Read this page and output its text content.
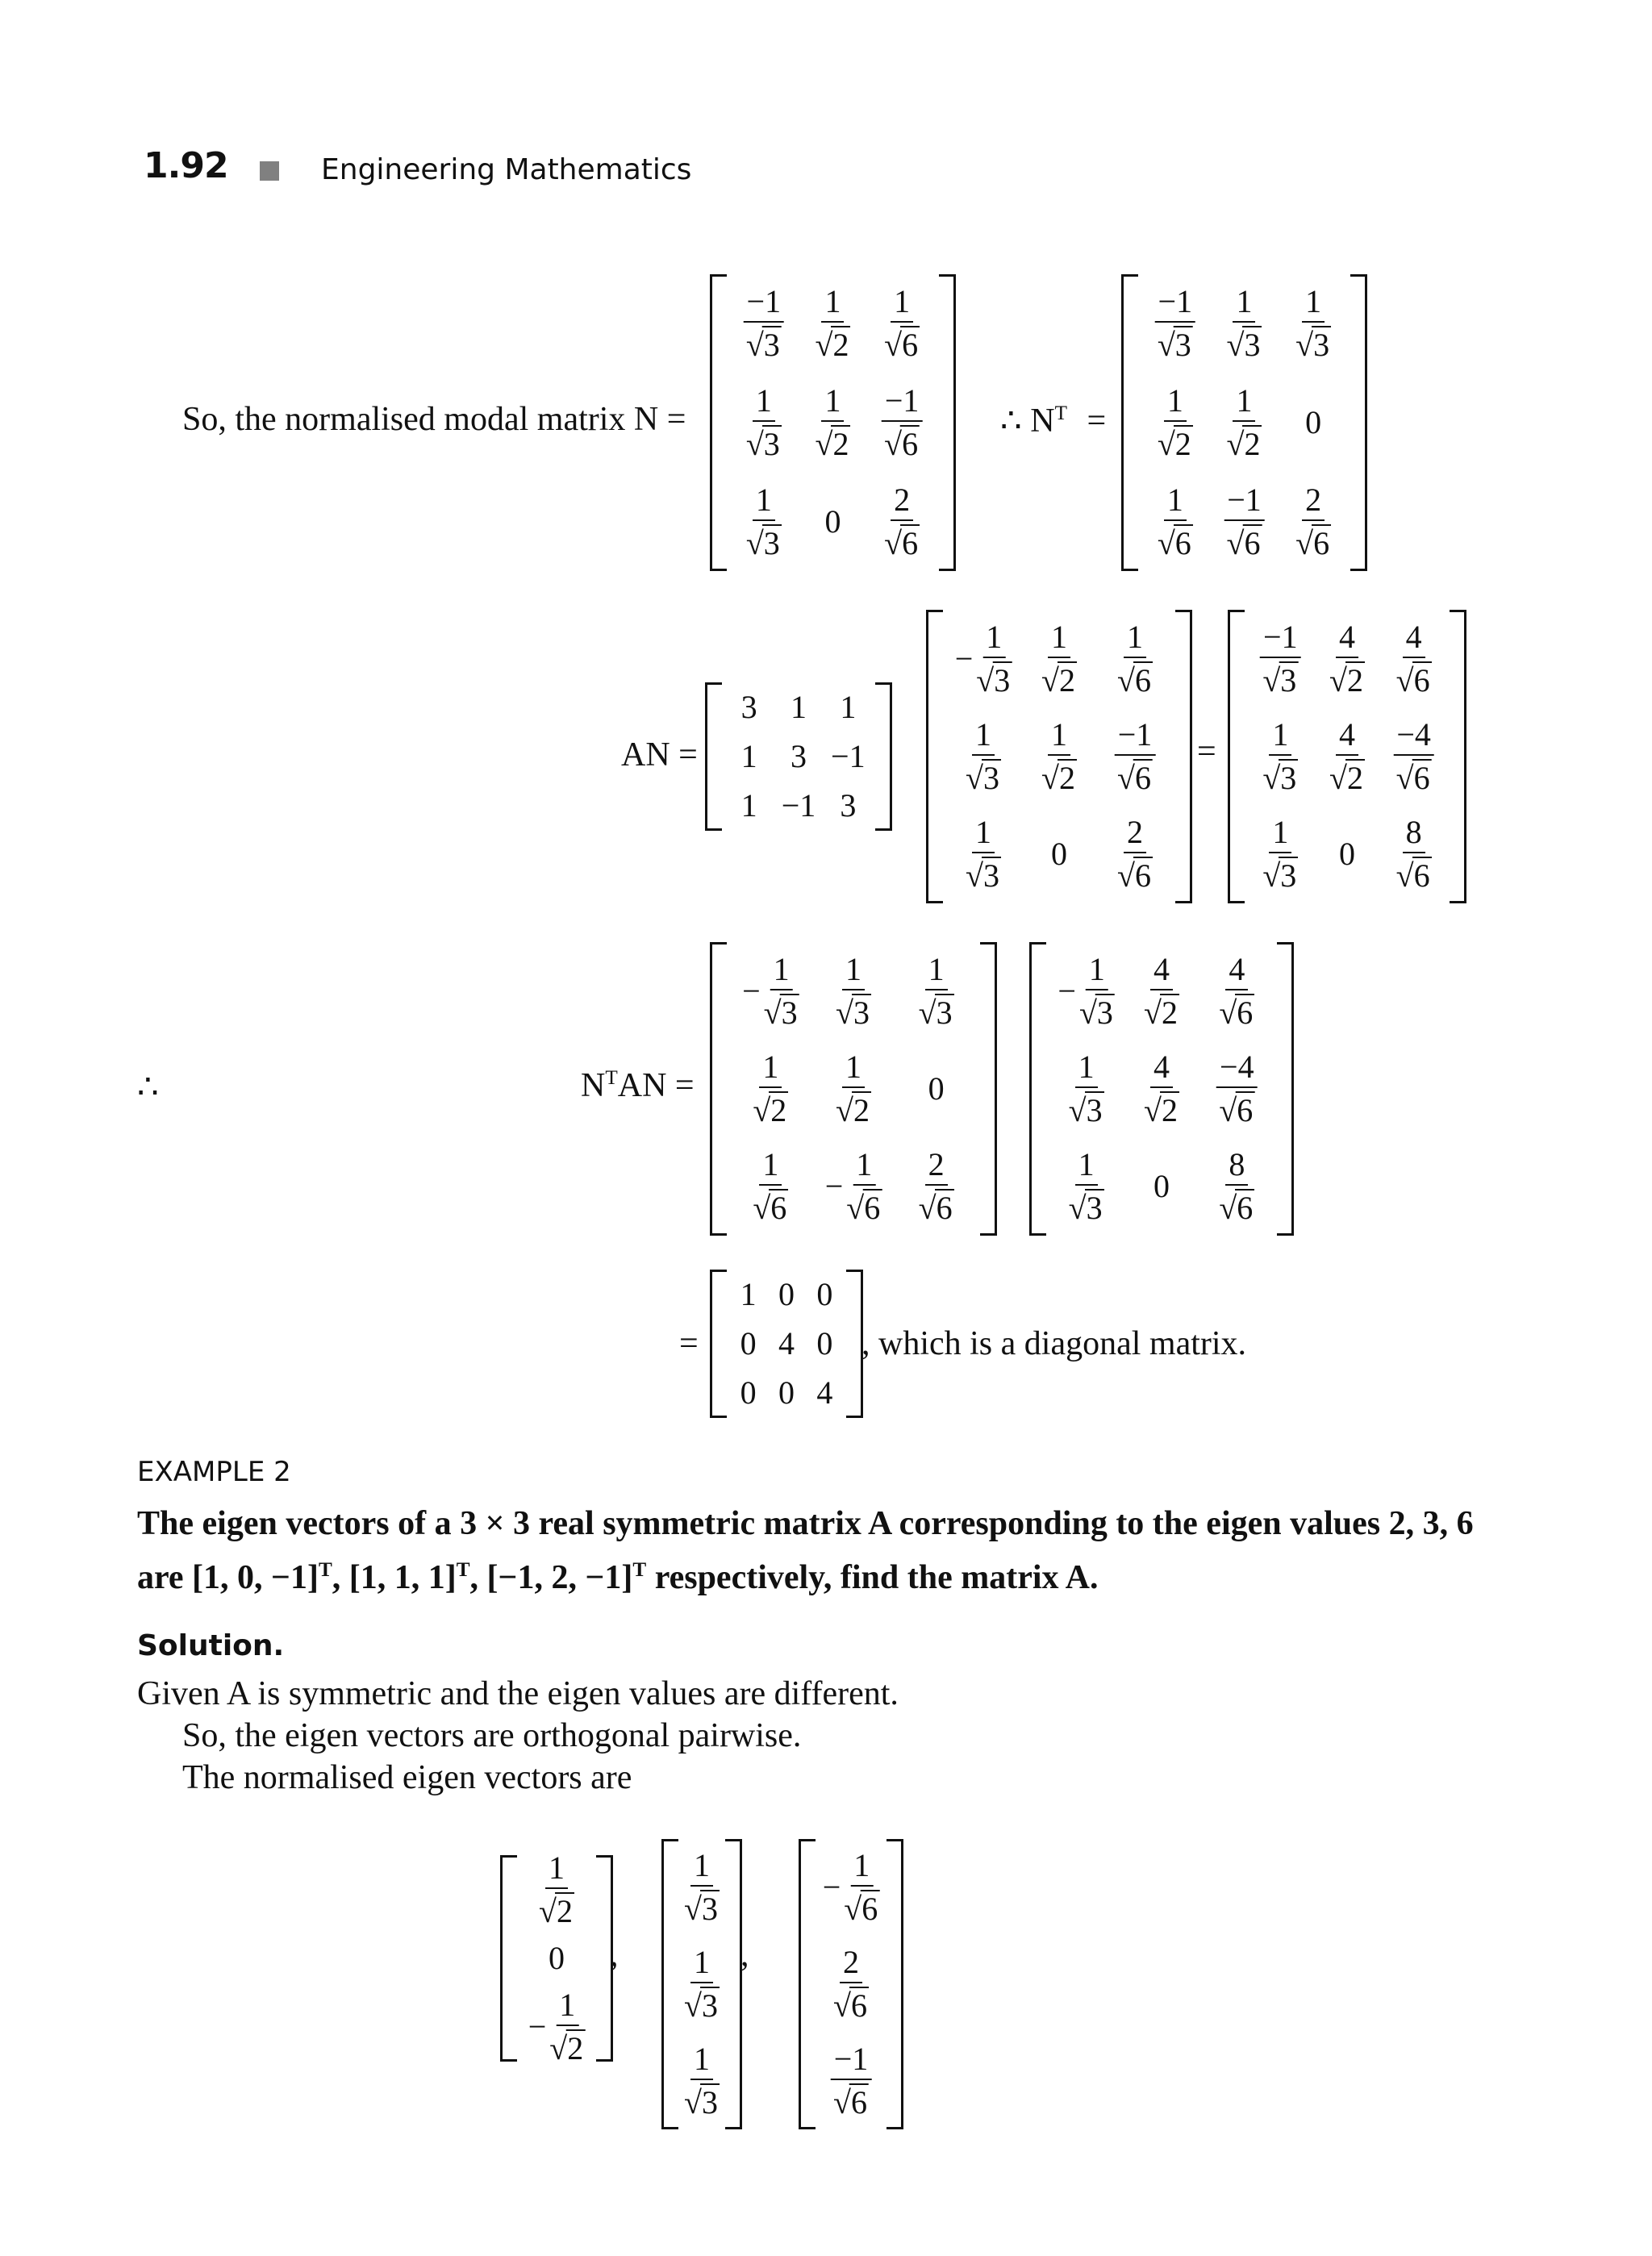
1.92	Engineering Mathematics
So, the normalised modal matrix N =
$\frac{-1}{√3} \frac{1}{√2} \frac{1}{√6}$
$\frac{1}{√3} \frac{1}{√2} \frac{-1}{√6}$
$\frac{1}{√3} 0 \frac{2}{√6}$
∴ $N^T$ =
$\frac{-1}{√3} \frac{1}{√3} \frac{1}{√3}$
$\frac{1}{√2} \frac{1}{√2} 0$
$\frac{1}{√6} \frac{-1}{√6} \frac{2}{√6}$
AN =
3 1 1
1 3 −1
1 −1 3
− $\frac{1}{√3} \frac{1}{√2} \frac{1}{√6}$
$\frac{1}{√3} \frac{1}{√2} \frac{-1}{√6}$
$\frac{1}{√3} 0 \frac{2}{√6}$
=
$\frac{-1}{√3} \frac{4}{√2} \frac{4}{√6}$
$\frac{1}{√3} \frac{4}{√2} \frac{-4}{√6}$
$\frac{1}{√3} 0 \frac{8}{√6}$
∴	$N^TAN$ =
− $\frac{1}{√3} \frac{1}{√3} \frac{1}{√3}$
$\frac{1}{√2} \frac{1}{√2} 0$
$\frac{1}{√6} - \frac{1}{√6} \frac{2}{√6}$
− $\frac{1}{√3} \frac{4}{√2} \frac{4}{√6}$
$\frac{1}{√3} \frac{4}{√2} \frac{-4}{√6}$
$\frac{1}{√3} 0 \frac{8}{√6}$
=
1 0 0
0 4 0
0 0 4
, which is a diagonal matrix.
EXAMPLE 2
The eigen vectors of a 3 × 3 real symmetric matrix A corresponding to the eigen values 2, 3, 6
are [1, 0, −1]$^T$, [1, 1, 1]$^T$, [−1, 2, −1]$^T$ respectively, find the matrix A.
Solution.
Given A is symmetric and the eigen values are different.
So, the eigen vectors are orthogonal pairwise.
The normalised eigen vectors are
$\frac{1}{√2}$
0
− $\frac{1}{√2}$
,
$\frac{1}{√3}$
$\frac{1}{√3}$
$\frac{1}{√3}$
,
− $\frac{1}{√6}$
$\frac{2}{√6}$
$\frac{-1}{√6}$
